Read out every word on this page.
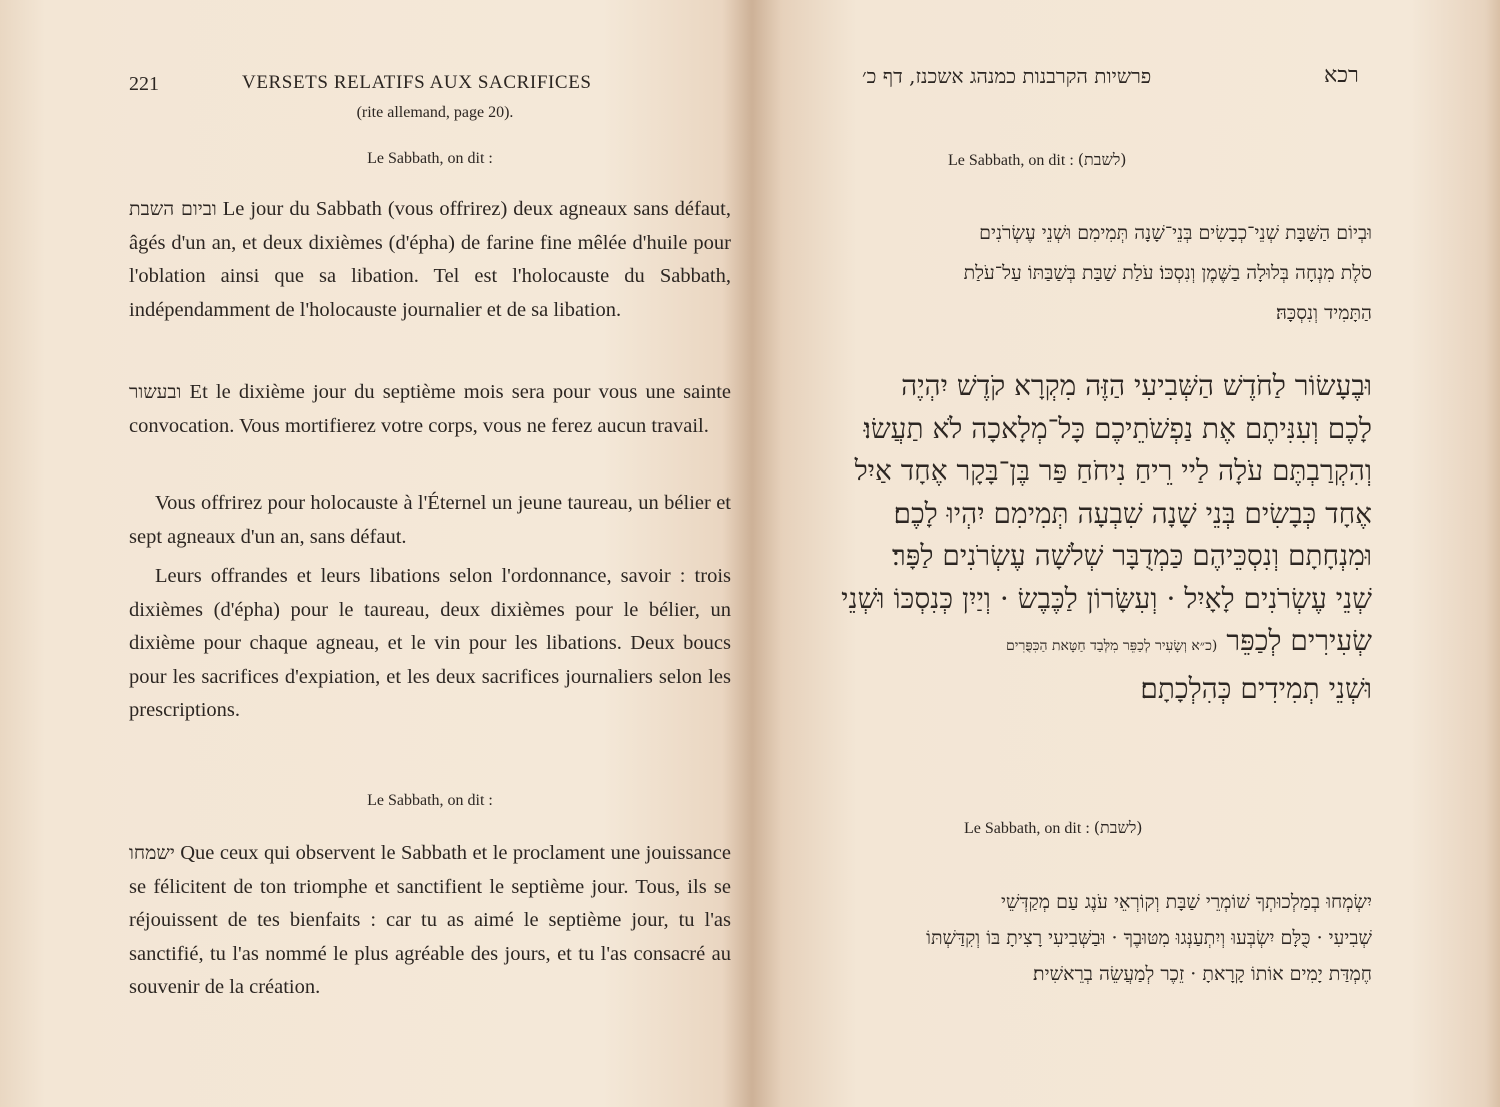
221	VERSETS RELATIFS AUX SACRIFICES
(rite allemand, page 20).
Le Sabbath, on dit :
וביום השבת Le jour du Sabbath (vous offrirez) deux agneaux sans défaut, âgés d'un an, et deux dixièmes (d'épha) de farine fine mêlée d'huile pour l'oblation ainsi que sa libation. Tel est l'holocauste du Sabbath, indépendamment de l'holocauste journalier et de sa libation.
ובעשור Et le dixième jour du septième mois sera pour vous une sainte convocation. Vous mortifierez votre corps, vous ne ferez aucun travail.
Vous offrirez pour holocauste à l'Éternel un jeune taureau, un bélier et sept agneaux d'un an, sans défaut.
Leurs offrandes et leurs libations selon l'ordonnance, savoir : trois dixièmes (d'épha) pour le taureau, deux dixièmes pour le bélier, un dixième pour chaque agneau, et le vin pour les libations. Deux boucs pour les sacrifices d'expiation, et les deux sacrifices journaliers selon les prescriptions.
Le Sabbath, on dit :
ישמחו Que ceux qui observent le Sabbath et le proclament une jouissance se félicitent de ton triomphe et sanctifient le septième jour. Tous, ils se réjouissent de tes bienfaits : car tu as aimé le septième jour, tu l'as sanctifié, tu l'as nommé le plus agréable des jours, et tu l'as consacré au souvenir de la création.
רכא
פרשיות הקרבנות כמנהג אשכנז, דף כ׳
Le Sabbath, on dit : (לשבת)
וּבְיוֹם הַשַּׁבָּת שְׁנֵי־כְבָשִׂים בְּנֵי־שָׁנָה תְּמִימִם וּשְׁנֵי עֶשְׂרֹנִים
סֹלֶת מִנְחָה בְּלוּלָה בַשֶּׁמֶן וְנִסְכּוֹ׃ עֹלַת שַׁבַּת בְּשַׁבַּתּוֹ עַל־עֹלַת
הַתָּמִיד וְנִסְכָּהּ׃
וּבֶעָשׂוֹר לַחֹדֶשׁ הַשְּׁבִיעִי הַזֶּה מִקְרָא קֹדֶשׁ יִהְיֶה
לָכֶם וְעִנִּיתֶם אֶת נַפְשֹׁתֵיכֶם כָּל־מְלָאכָה לֹא תַעֲשׂוּ׃
וְהִקְרַבְתֶּם עֹלָה לַיי רֵיחַ נִיחֹחַ פַּר בֶּן־בָּקָר אֶחָד אַיִל
אֶחָד כְּבָשִׂים בְּנֵי שָׁנָה שִׁבְעָה תְּמִימִם יִהְיוּ לָכֶם׃
וּמִנְחָתָם וְנִסְכֵּיהֶם כַּמְדֻבָּר שְׁלֹשָׁה עֶשְׂרֹנִים לַפָּר׃
שְׁנֵי עֶשְׂרֹנִים לָאָיִל · וְעִשָּׂרוֹן לַכֶּבֶשׂ · וְיַיִן כְּנִסְכּוֹ וּשְׁנֵי
שְׂעִירִים לְכַפֵּר (כ״א וְשָׂעִיר לְכַפֵּר מִלְּבַד חַטָּאת הַכִּפֻּרִים
וּשְׁנֵי תְמִידִים כְּהִלְכָתָם׃
Le Sabbath, on dit : (לשבת)
יִשְׂמְחוּ בְמַלְכוּתְךָ שׁוֹמְרֵי שַׁבָּת וְקוֹרְאֵי עֹנֶג עַם מְקַדְּשֵׁי
שְׁבִיעִי · כֻּלָּם יִשְׂבְּעוּ וְיִתְעַנְּגוּ מִטּוּבֶךָ · וּבַשְּׁבִיעִי רָצִיתָ בּוֹ וְקִדַּשְׁתּוֹ
חֶמְדַּת יָמִים אוֹתוֹ קָרָאתָ · זֵכֶר לְמַעֲשֵׂה בְרֵאשִׁית׃
